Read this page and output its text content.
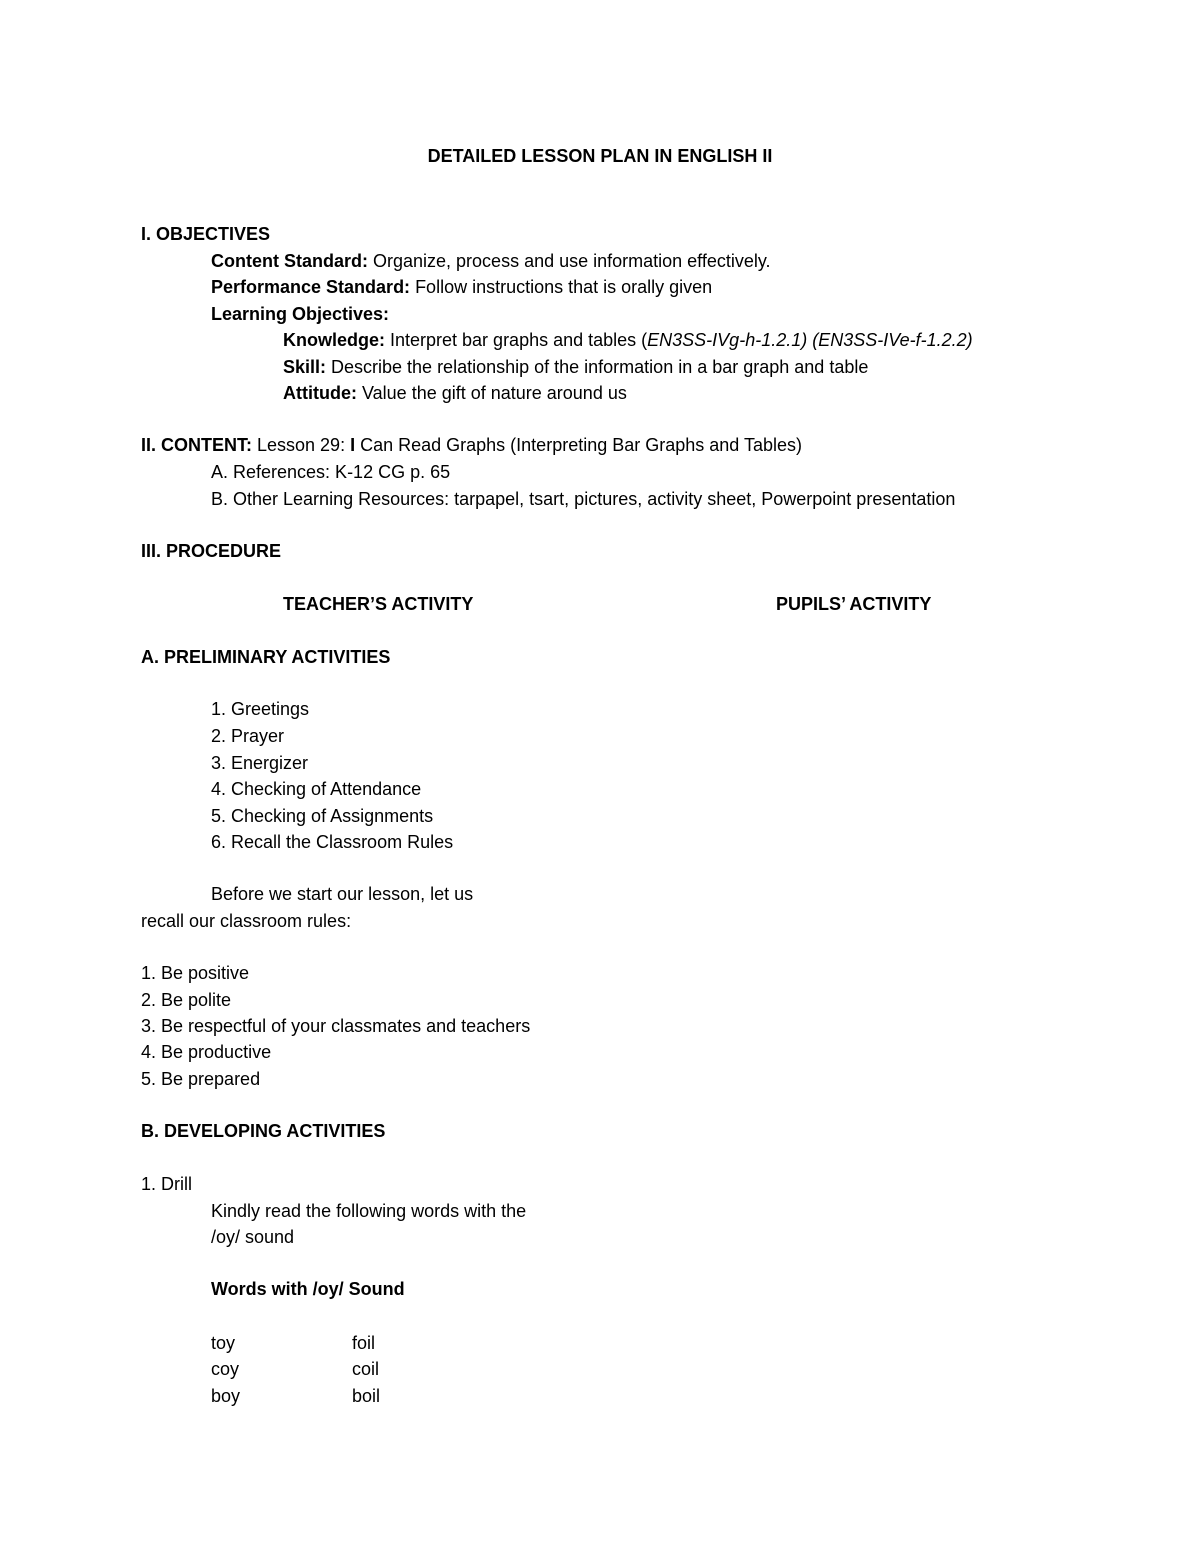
DETAILED LESSON PLAN IN ENGLISH II
I. OBJECTIVES
Content Standard: Organize, process and use information effectively.
Performance Standard: Follow instructions that is orally given
Learning Objectives:
Knowledge: Interpret bar graphs and tables (EN3SS-IVg-h-1.2.1) (EN3SS-IVe-f-1.2.2)
Skill: Describe the relationship of the information in a bar graph and table
Attitude: Value the gift of nature around us
II. CONTENT: Lesson 29: I Can Read Graphs (Interpreting Bar Graphs and Tables)
A. References: K-12 CG p. 65
B. Other Learning Resources: tarpapel, tsart, pictures, activity sheet, Powerpoint presentation
III. PROCEDURE
TEACHER’S ACTIVITY	PUPILS’ ACTIVITY
A. PRELIMINARY ACTIVITIES
1. Greetings
2. Prayer
3. Energizer
4. Checking of Attendance
5. Checking of Assignments
6. Recall the Classroom Rules
Before we start our lesson, let us
recall our classroom rules:
1. Be positive
2. Be polite
3. Be respectful of your classmates and teachers
4. Be productive
5. Be prepared
B. DEVELOPING ACTIVITIES
1. Drill
Kindly read the following words with the
/oy/ sound
Words with /oy/ Sound
toy	foil
coy	coil
boy	boil
